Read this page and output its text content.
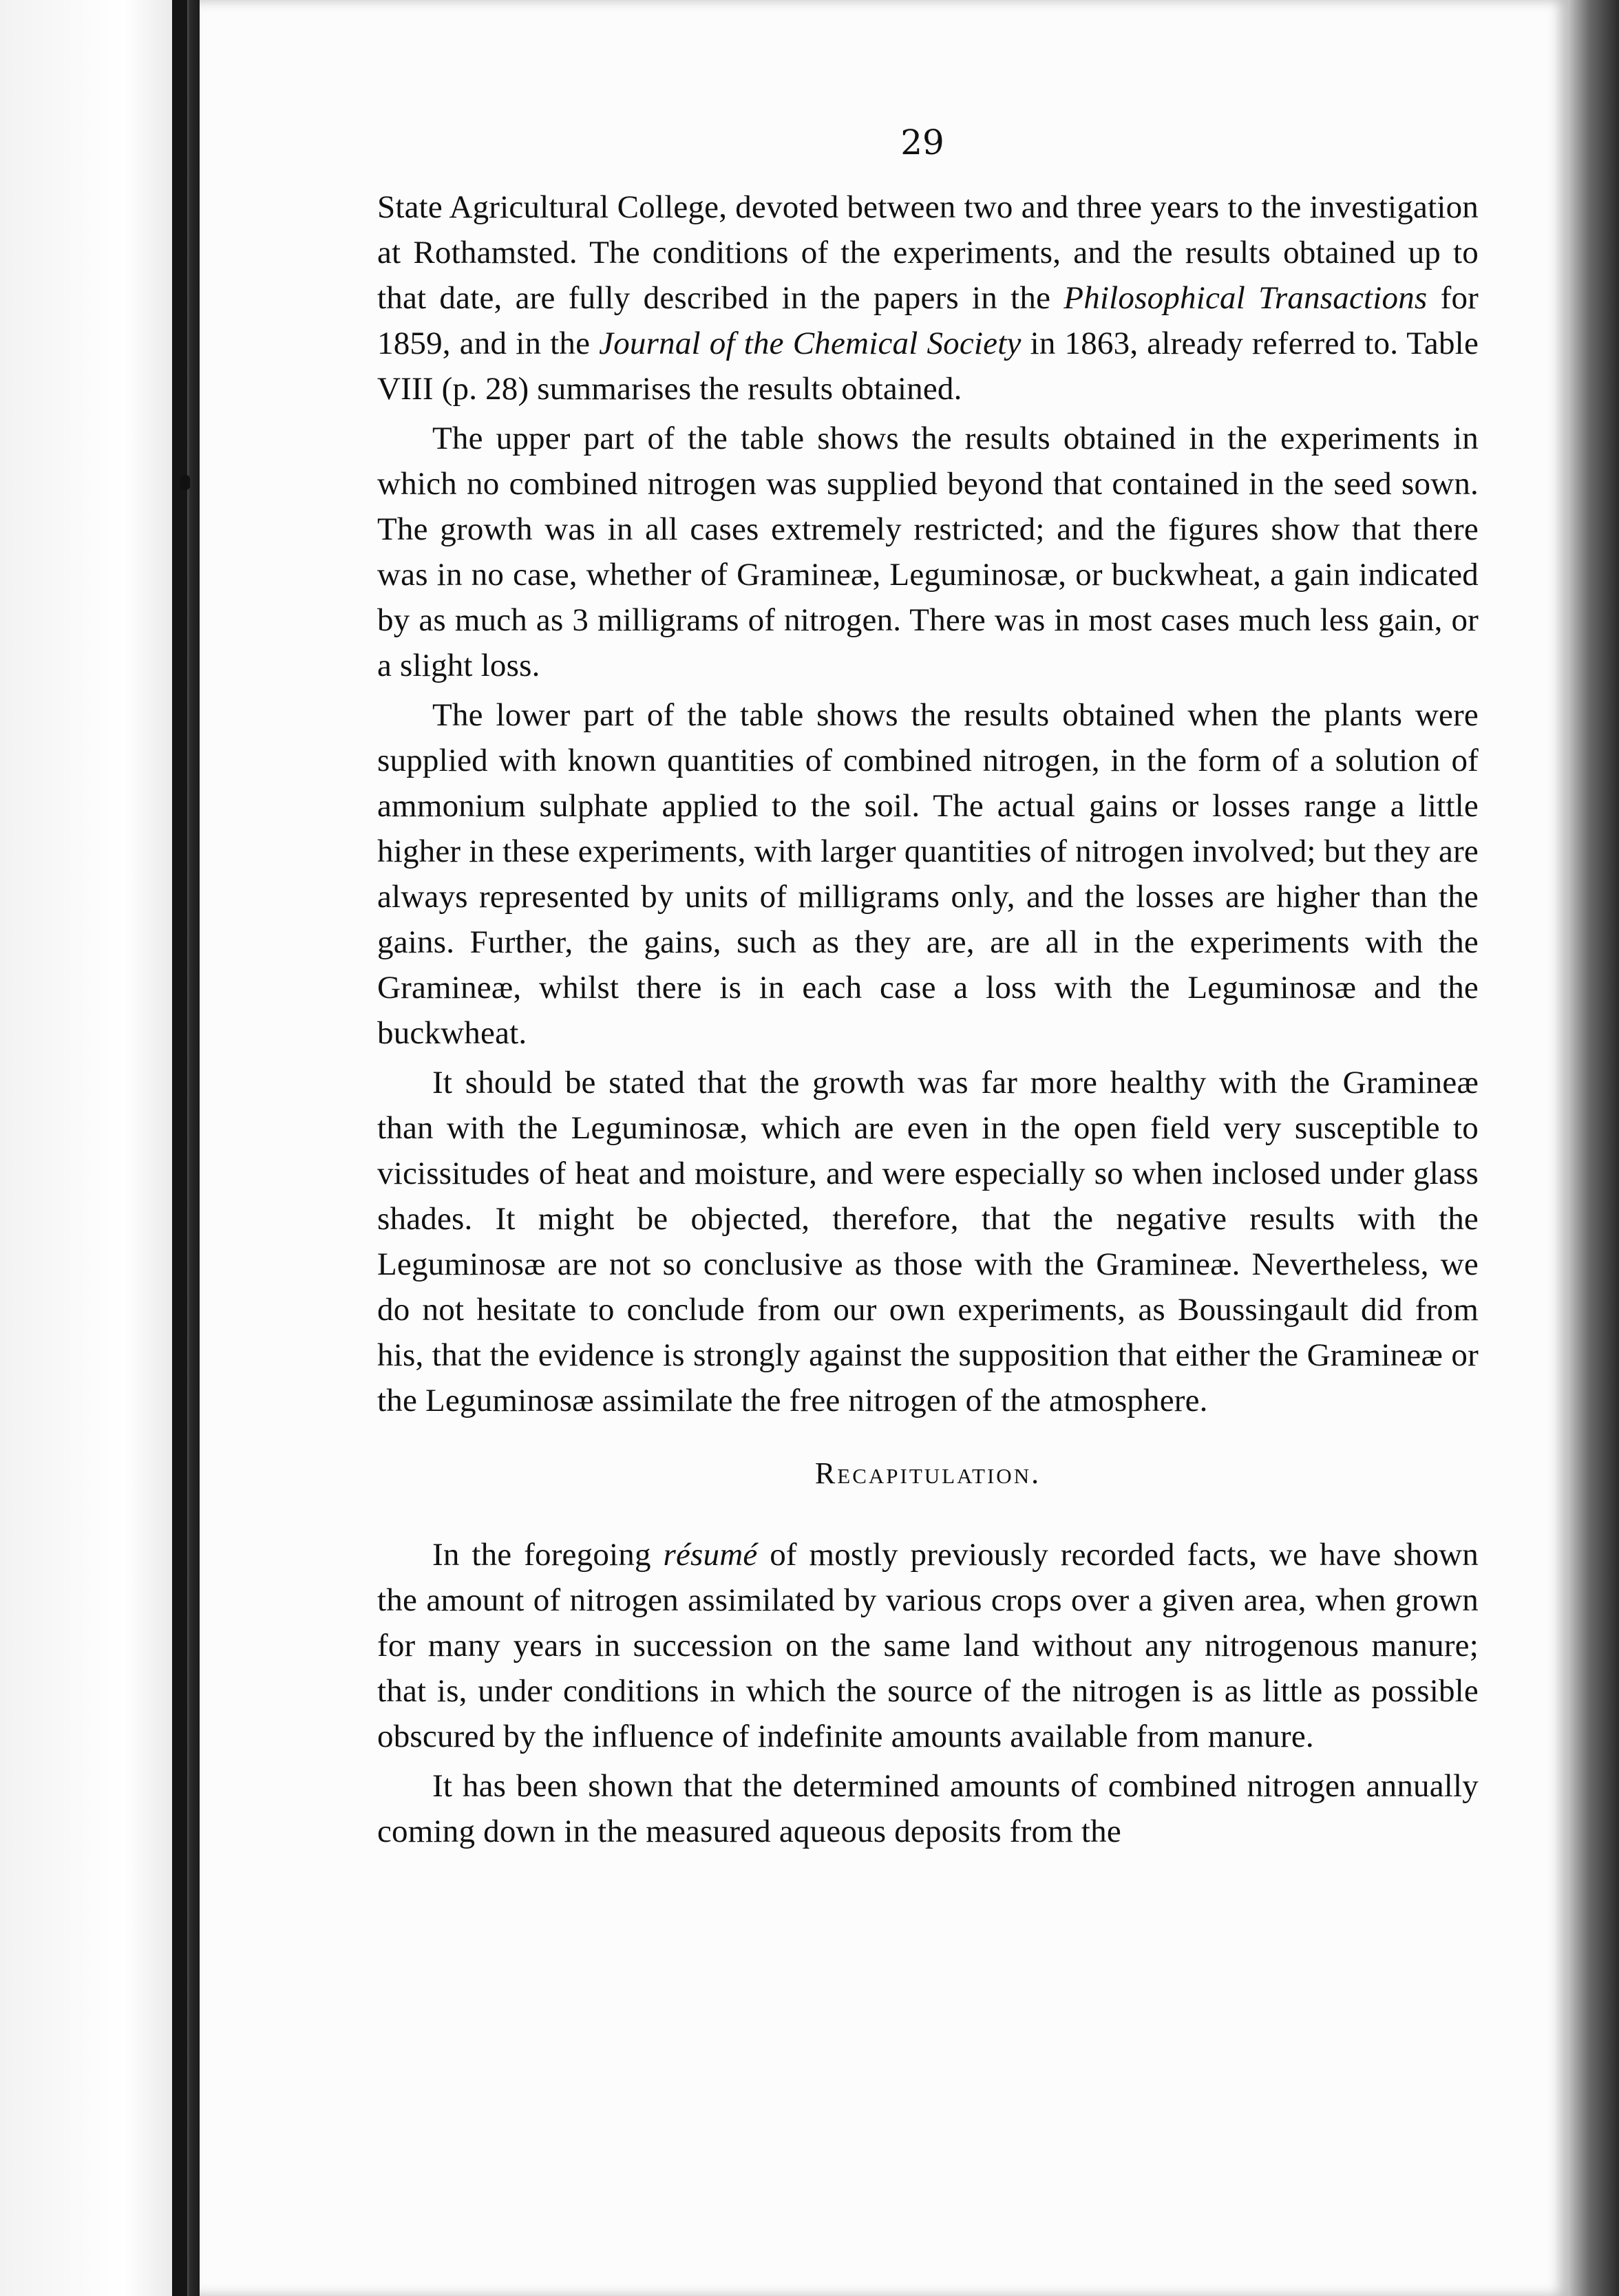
29

State Agricultural College, devoted between two and three years to the investigation at Rothamsted. The conditions of the experiments, and the results obtained up to that date, are fully described in the papers in the Philosophical Transactions for 1859, and in the Journal of the Chemical Society in 1863, already referred to. Table VIII (p. 28) summarises the results obtained.

The upper part of the table shows the results obtained in the experiments in which no combined nitrogen was supplied beyond that contained in the seed sown. The growth was in all cases extremely restricted; and the figures show that there was in no case, whether of Gramineæ, Leguminosæ, or buckwheat, a gain indicated by as much as 3 milligrams of nitrogen. There was in most cases much less gain, or a slight loss.

The lower part of the table shows the results obtained when the plants were supplied with known quantities of combined nitrogen, in the form of a solution of ammonium sulphate applied to the soil. The actual gains or losses range a little higher in these experiments, with larger quantities of nitrogen involved; but they are always represented by units of milligrams only, and the losses are higher than the gains. Further, the gains, such as they are, are all in the experiments with the Gramineæ, whilst there is in each case a loss with the Leguminosæ and the buckwheat.

It should be stated that the growth was far more healthy with the Gramineæ than with the Leguminosæ, which are even in the open field very susceptible to vicissitudes of heat and moisture, and were especially so when inclosed under glass shades. It might be objected, therefore, that the negative results with the Leguminosæ are not so conclusive as those with the Gramineæ. Nevertheless, we do not hesitate to conclude from our own experiments, as Boussingault did from his, that the evidence is strongly against the supposition that either the Gramineæ or the Leguminosæ assimilate the free nitrogen of the atmosphere.

Recapitulation.

In the foregoing résumé of mostly previously recorded facts, we have shown the amount of nitrogen assimilated by various crops over a given area, when grown for many years in succession on the same land without any nitrogenous manure; that is, under conditions in which the source of the nitrogen is as little as possible obscured by the influence of indefinite amounts available from manure.

It has been shown that the determined amounts of combined nitrogen annually coming down in the measured aqueous deposits from the
